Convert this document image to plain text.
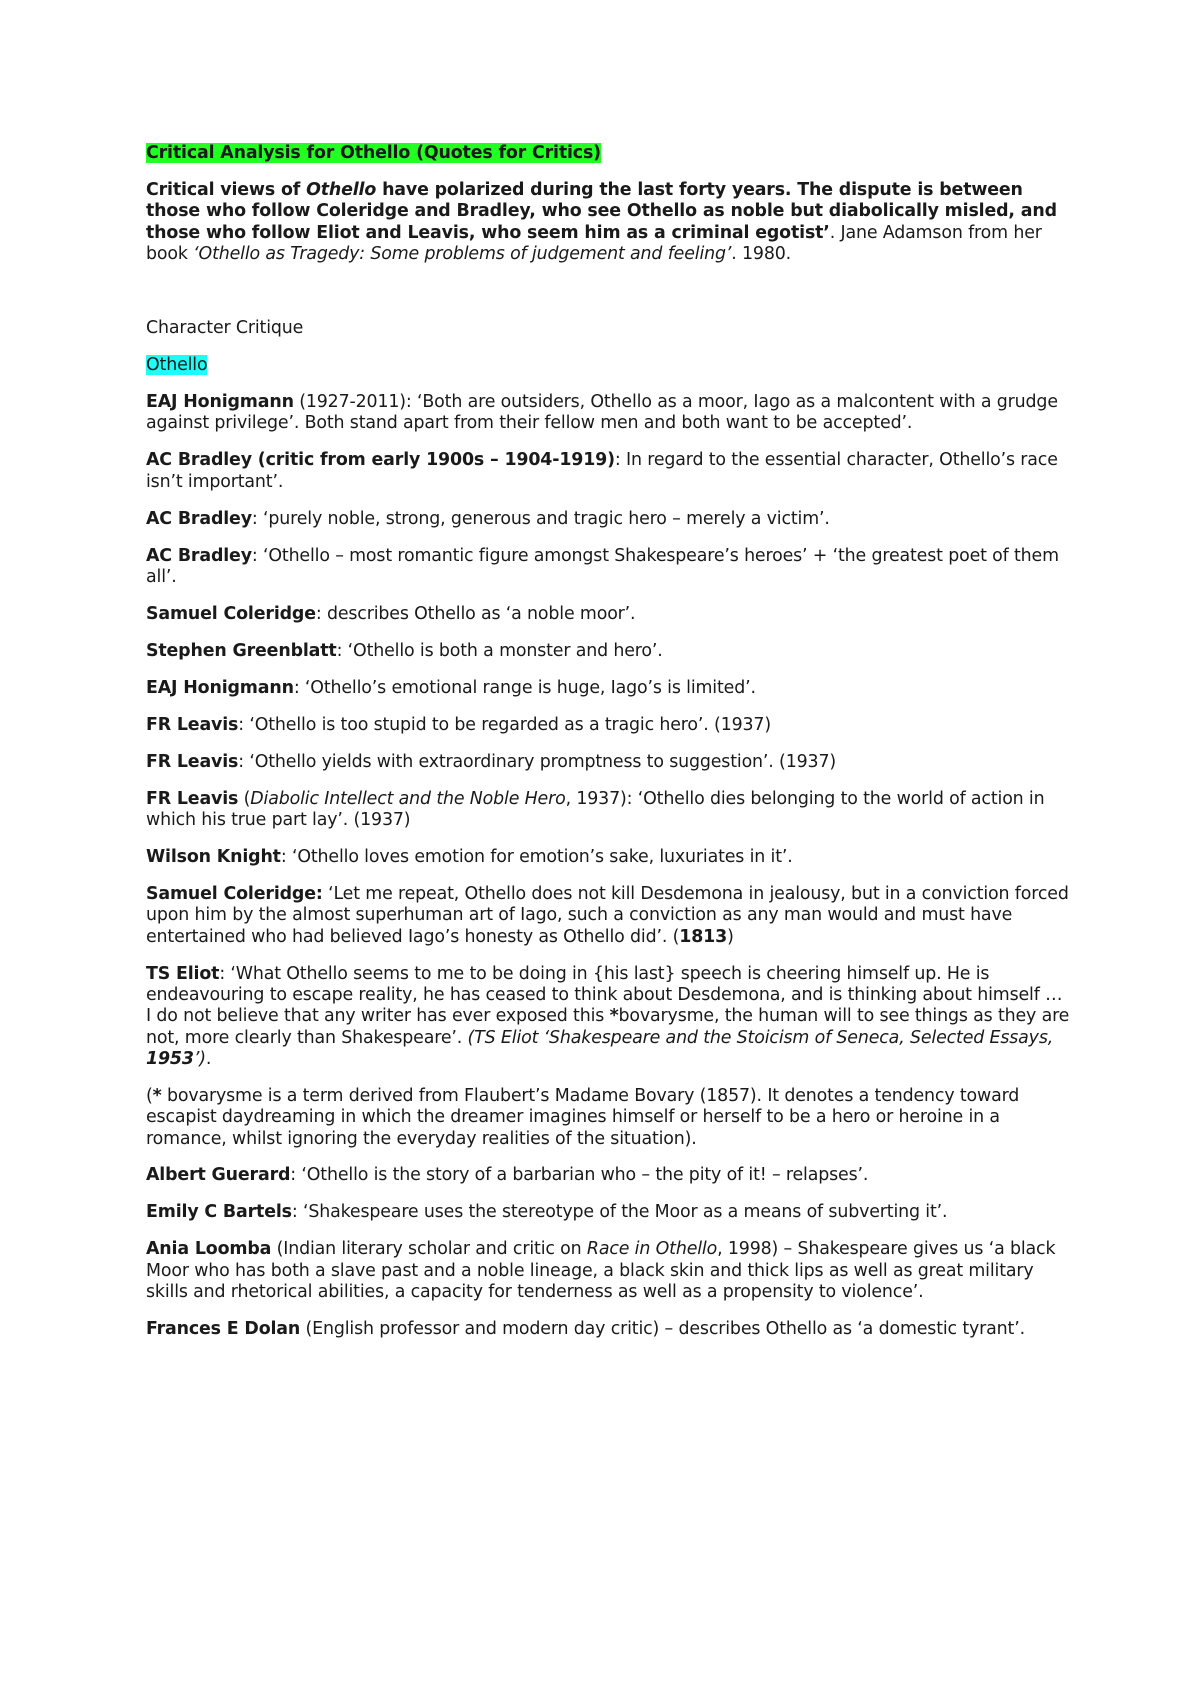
Critical Analysis for Othello (Quotes for Critics)

Critical views of Othello have polarized during the last forty years. The dispute is between those who follow Coleridge and Bradley, who see Othello as noble but diabolically misled, and those who follow Eliot and Leavis, who seem him as a criminal egotist’. Jane Adamson from her book ‘Othello as Tragedy: Some problems of judgement and feeling’. 1980.

Character Critique

Othello

EAJ Honigmann (1927-2011): ‘Both are outsiders, Othello as a moor, Iago as a malcontent with a grudge against privilege’. Both stand apart from their fellow men and both want to be accepted’.

AC Bradley (critic from early 1900s – 1904-1919): In regard to the essential character, Othello’s race isn’t important’.

AC Bradley: ‘purely noble, strong, generous and tragic hero – merely a victim’.

AC Bradley: ‘Othello – most romantic figure amongst Shakespeare’s heroes’ + ‘the greatest poet of them all’.

Samuel Coleridge: describes Othello as ‘a noble moor’.

Stephen Greenblatt: ‘Othello is both a monster and hero’.

EAJ Honigmann: ‘Othello’s emotional range is huge, Iago’s is limited’.

FR Leavis: ‘Othello is too stupid to be regarded as a tragic hero’. (1937)

FR Leavis: ‘Othello yields with extraordinary promptness to suggestion’. (1937)

FR Leavis (Diabolic Intellect and the Noble Hero, 1937): ‘Othello dies belonging to the world of action in which his true part lay’. (1937)

Wilson Knight: ‘Othello loves emotion for emotion’s sake, luxuriates in it’.

Samuel Coleridge: ‘Let me repeat, Othello does not kill Desdemona in jealousy, but in a conviction forced upon him by the almost superhuman art of Iago, such a conviction as any man would and must have entertained who had believed Iago’s honesty as Othello did’. (1813)

TS Eliot: ‘What Othello seems to me to be doing in {his last} speech is cheering himself up. He is endeavouring to escape reality, he has ceased to think about Desdemona, and is thinking about himself … I do not believe that any writer has ever exposed this *bovarysme, the human will to see things as they are not, more clearly than Shakespeare’. (TS Eliot ‘Shakespeare and the Stoicism of Seneca, Selected Essays, 1953’).

(* bovarysme is a term derived from Flaubert’s Madame Bovary (1857). It denotes a tendency toward escapist daydreaming in which the dreamer imagines himself or herself to be a hero or heroine in a romance, whilst ignoring the everyday realities of the situation).

Albert Guerard: ‘Othello is the story of a barbarian who – the pity of it! – relapses’.

Emily C Bartels: ‘Shakespeare uses the stereotype of the Moor as a means of subverting it’.

Ania Loomba (Indian literary scholar and critic on Race in Othello, 1998) – Shakespeare gives us ‘a black Moor who has both a slave past and a noble lineage, a black skin and thick lips as well as great military skills and rhetorical abilities, a capacity for tenderness as well as a propensity to violence’.

Frances E Dolan (English professor and modern day critic) – describes Othello as ‘a domestic tyrant’.
